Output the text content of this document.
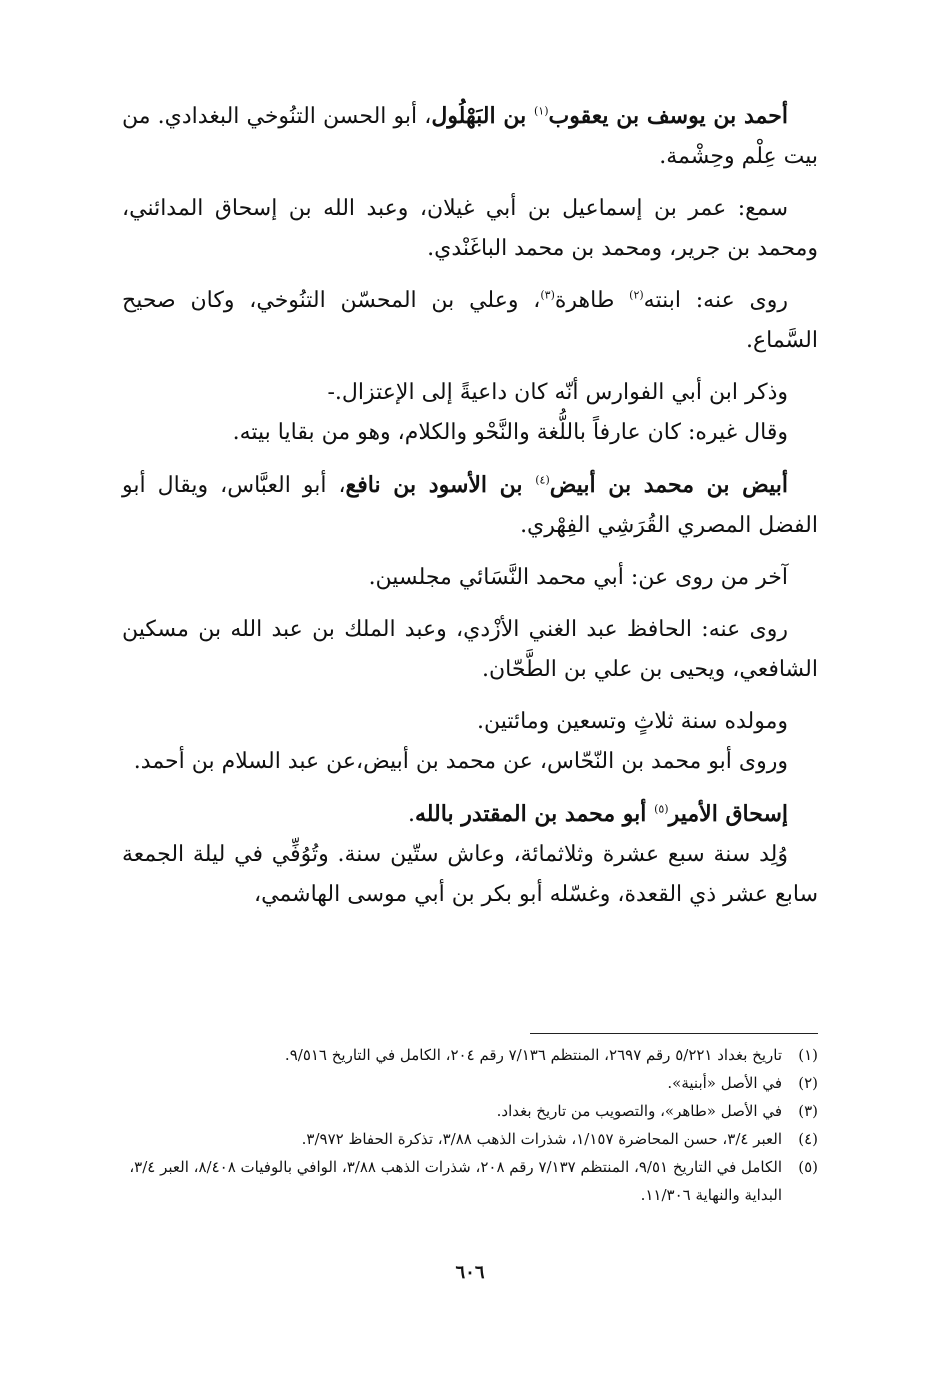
أحمد بن يوسف بن يعقوب$^{(١)}$ بن البَهْلُول، أبو الحسن التنُوخي البغدادي. من بيت عِلْم وحِشْمة.

سمع: عمر بن إسماعيل بن أبي غيلان، وعبد الله بن إسحاق المدائني، ومحمد بن جرير، ومحمد بن محمد الباغَنْدي.

روى عنه: ابنته$^{(٢)}$ طاهرة$^{(٣)}$، وعلي بن المحسّن التنُوخي، وكان صحيح السَّماع.

وذكر ابن أبي الفوارس أنّه كان داعيةً إلى الإعتزال.-

وقال غيره: كان عارفاً باللُّغة والنَّحْو والكلام، وهو من بقايا بيته.

أبيض بن محمد بن أبيض$^{(٤)}$ بن الأسود بن نافع، أبو العبَّاس، ويقال أبو الفضل المصري القُرَشِي الفِهْري.

آخر من روى عن: أبي محمد النَّسَائي مجلسين.

روى عنه: الحافظ عبد الغني الأزْدي، وعبد الملك بن عبد الله بن مسكين الشافعي، ويحيى بن علي بن الطَّحّان.

ومولده سنة ثلاثٍ وتسعين ومائتين.

وروى أبو محمد بن النّحّاس، عن محمد بن أبيض،عن عبد السلام بن أحمد.

إسحاق الأمير$^{(٥)}$ أبو محمد بن المقتدر بالله.

وُلِد سنة سبع عشرة وثلاثمائة، وعاش ستّين سنة. وتُوُفِّي في ليلة الجمعة سابع عشر ذي القعدة، وغسّله أبو بكر بن أبي موسى الهاشمي،

(١)
تاريخ بغداد ٥/٢٢١ رقم ٢٦٩٧، المنتظم ٧/١٣٦ رقم ٢٠٤، الكامل في التاريخ ٩/٥١٦.
(٢)
في الأصل «أبنية».
(٣)
في الأصل «طاهر»، والتصويب من تاريخ بغداد.
(٤)
العبر ٣/٤، حسن المحاضرة ١/١٥٧، شذرات الذهب ٣/٨٨، تذكرة الحفاظ ٣/٩٧٢.
(٥)
الكامل في التاريخ ٩/٥١، المنتظم ٧/١٣٧ رقم ٢٠٨، شذرات الذهب ٣/٨٨، الوافي بالوفيات ٨/٤٠٨، العبر ٣/٤، البداية والنهاية ١١/٣٠٦.
٦٠٦
